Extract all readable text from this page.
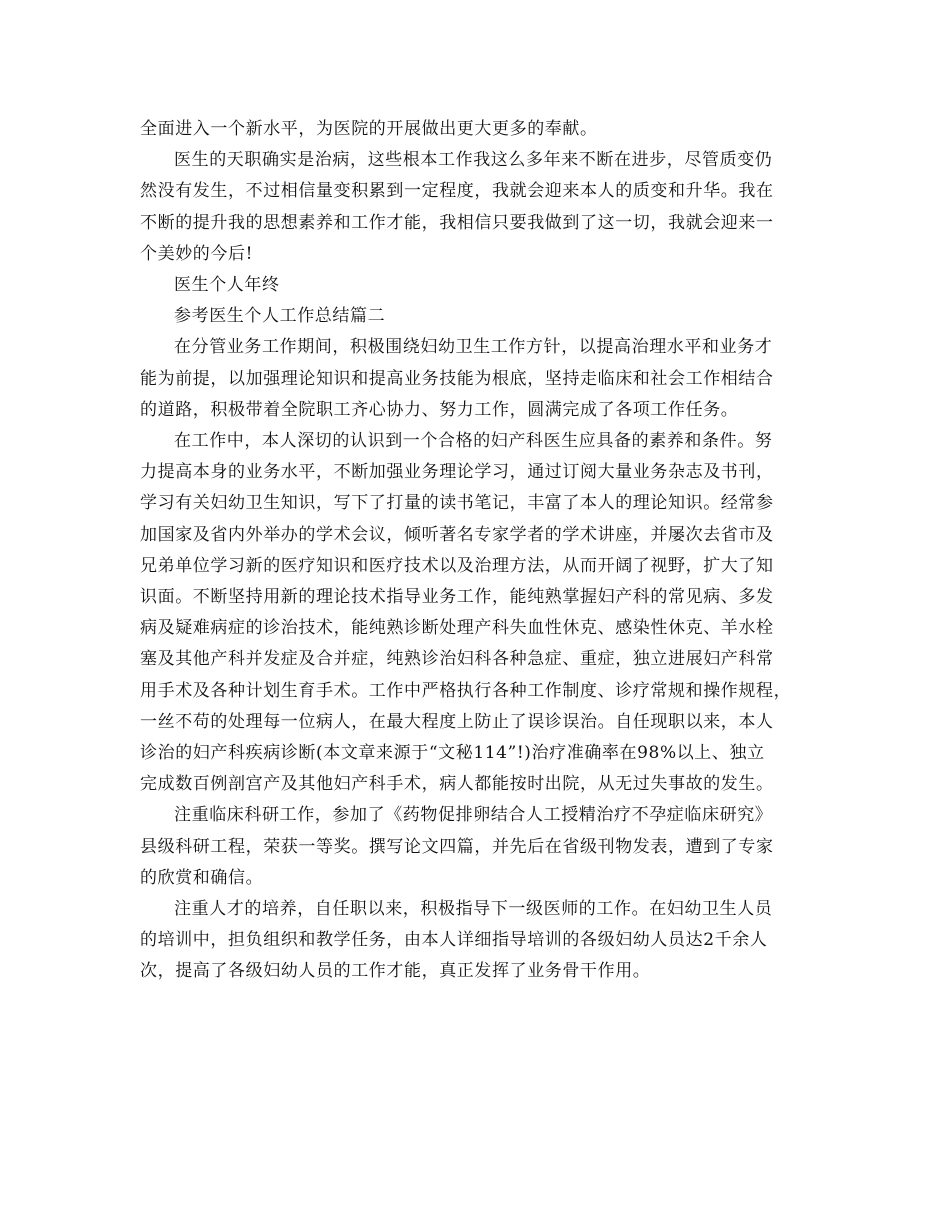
全面进入一个新水平，为医院的开展做出更大更多的奉献。

医生的天职确实是治病，这些根本工作我这么多年来不断在进步，尽管质变仍
然没有发生，不过相信量变积累到一定程度，我就会迎来本人的质变和升华。我在
不断的提升我的思想素养和工作才能，我相信只要我做到了这一切，我就会迎来一
个美妙的今后!

医生个人年终

参考医生个人工作总结篇二

在分管业务工作期间，积极围绕妇幼卫生工作方针，以提高治理水平和业务才
能为前提，以加强理论知识和提高业务技能为根底，坚持走临床和社会工作相结合
的道路，积极带着全院职工齐心协力、努力工作，圆满完成了各项工作任务。

在工作中，本人深切的认识到一个合格的妇产科医生应具备的素养和条件。努
力提高本身的业务水平，不断加强业务理论学习，通过订阅大量业务杂志及书刊，
学习有关妇幼卫生知识，写下了打量的读书笔记，丰富了本人的理论知识。经常参
加国家及省内外举办的学术会议，倾听著名专家学者的学术讲座，并屡次去省市及
兄弟单位学习新的医疗知识和医疗技术以及治理方法，从而开阔了视野，扩大了知
识面。不断坚持用新的理论技术指导业务工作，能纯熟掌握妇产科的常见病、多发
病及疑难病症的诊治技术，能纯熟诊断处理产科失血性休克、感染性休克、羊水栓
塞及其他产科并发症及合并症，纯熟诊治妇科各种急症、重症，独立进展妇产科常
用手术及各种计划生育手术。工作中严格执行各种工作制度、诊疗常规和操作规程，
一丝不苟的处理每一位病人，在最大程度上防止了误诊误治。自任现职以来，本人
诊治的妇产科疾病诊断(本文章来源于“文秘114”!)治疗准确率在98%以上、独立
完成数百例剖宫产及其他妇产科手术，病人都能按时出院，从无过失事故的发生。

注重临床科研工作，参加了《药物促排卵结合人工授精治疗不孕症临床研究》
县级科研工程，荣获一等奖。撰写论文四篇，并先后在省级刊物发表，遭到了专家
的欣赏和确信。

注重人才的培养，自任职以来，积极指导下一级医师的工作。在妇幼卫生人员
的培训中，担负组织和教学任务，由本人详细指导培训的各级妇幼人员达2千余人
次，提高了各级妇幼人员的工作才能，真正发挥了业务骨干作用。
